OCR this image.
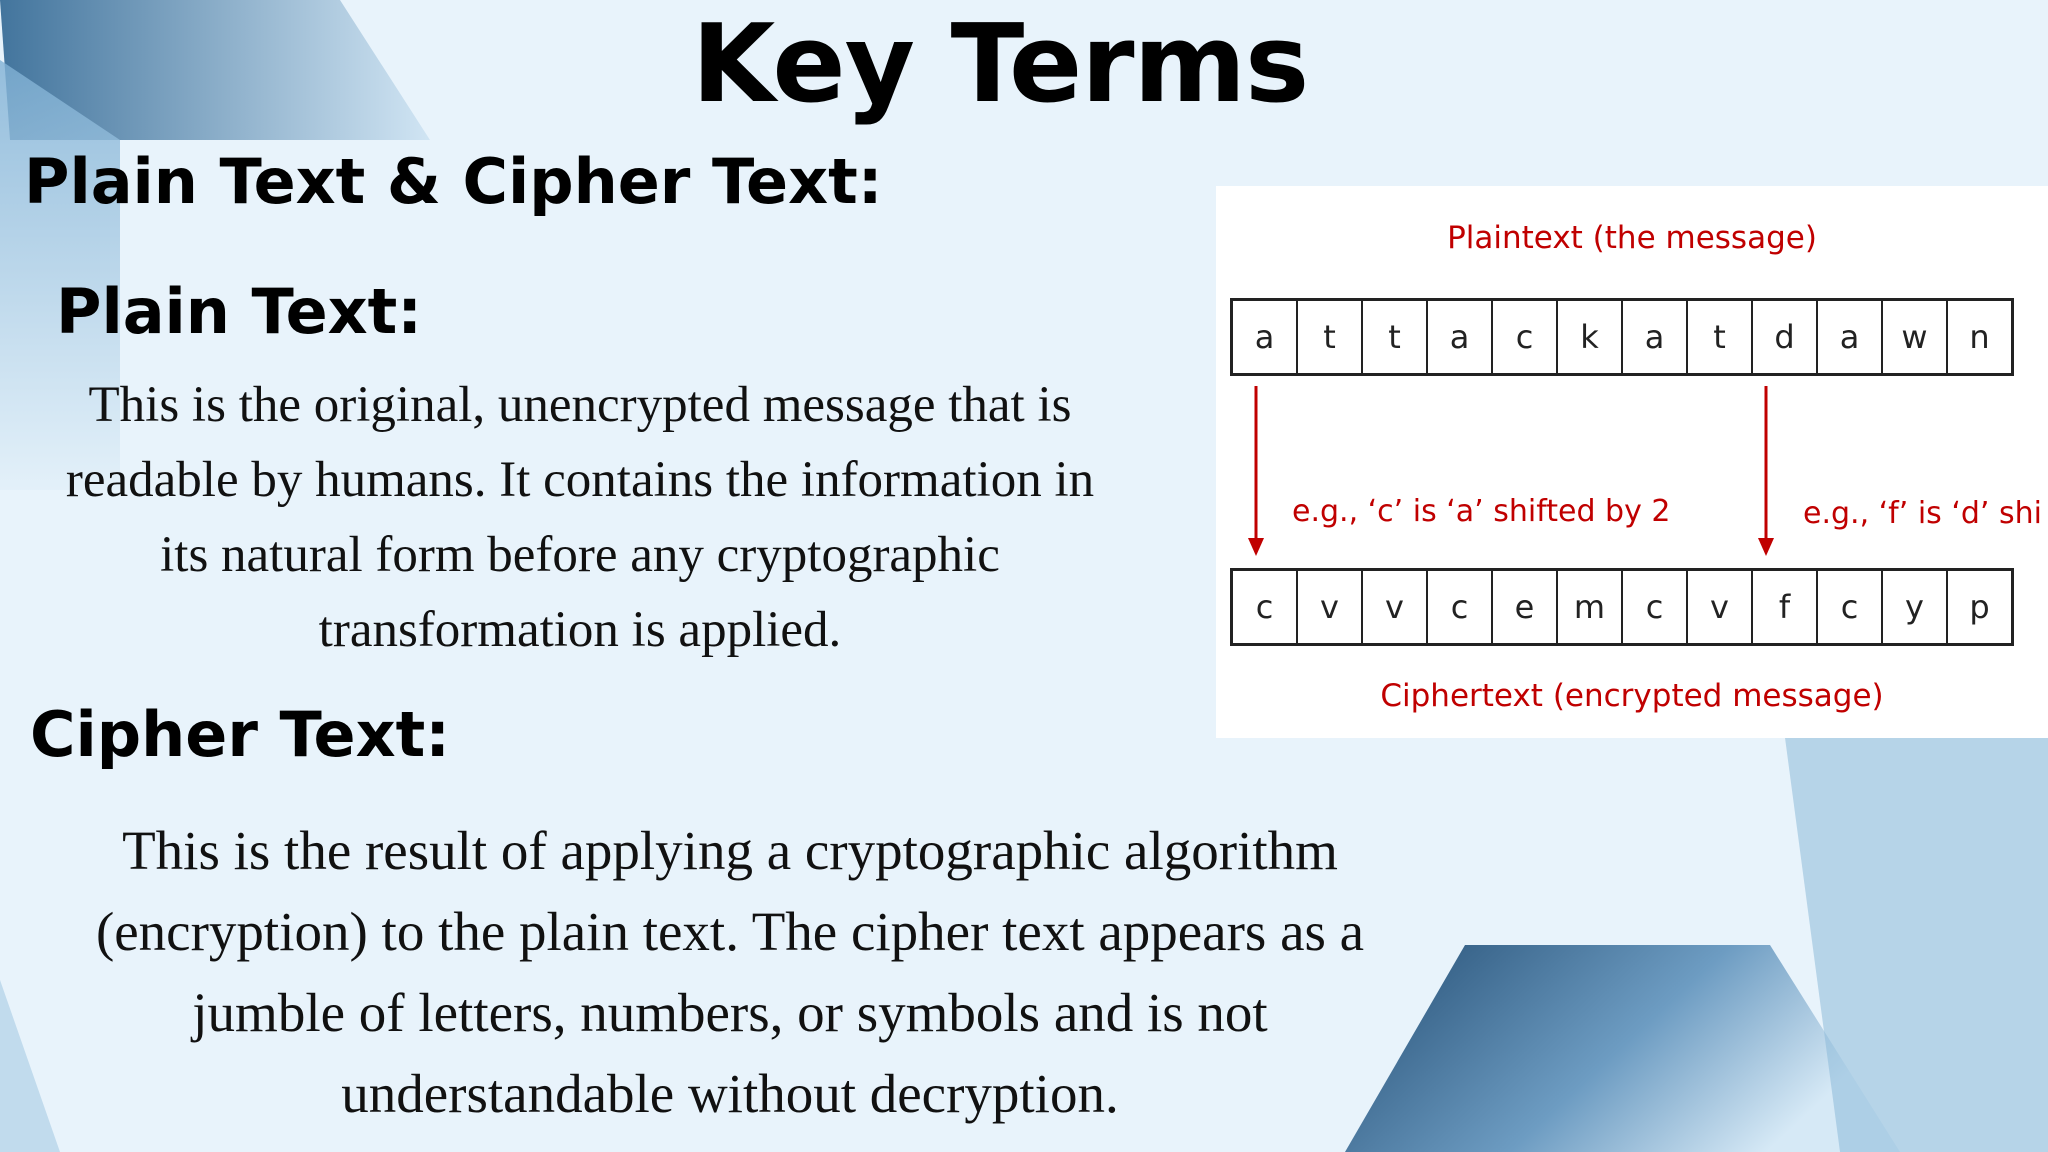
Key Terms
Plain Text & Cipher Text:
Plain Text:
This is the original, unencrypted message that is readable by humans. It contains the information in its natural form before any cryptographic transformation is applied.
Cipher Text:
This is the result of applying a cryptographic algorithm (encryption) to the plain text. The cipher text appears as a jumble of letters, numbers, or symbols and is not understandable without decryption.
Plaintext (the message)
a	t	t	a	c	k	a	t	d	a	w	n
e.g., ‘c’ is ‘a’ shifted by 2	e.g., ‘f’ is ‘d’ shi
c	v	v	c	e	m	c	v	f	c	y	p
Ciphertext (encrypted message)
